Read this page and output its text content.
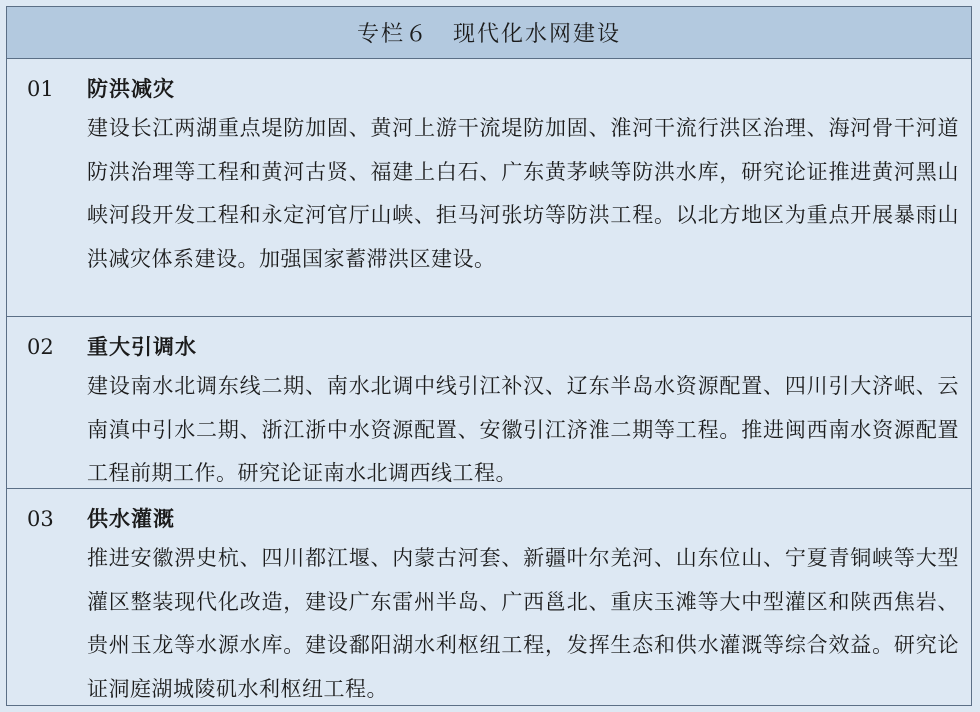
专栏６　现代化水网建设
01	防洪减灾

建设长江两湖重点堤防加固、黄河上游干流堤防加固、淮河干流行洪区治理、海河骨干河道防洪治理等工程和黄河古贤、福建上白石、广东黄茅峡等防洪水库，研究论证推进黄河黑山峡河段开发工程和永定河官厅山峡、拒马河张坊等防洪工程。以北方地区为重点开展暴雨山洪减灾体系建设。加强国家蓄滞洪区建设。

02	重大引调水

建设南水北调东线二期、南水北调中线引江补汉、辽东半岛水资源配置、四川引大济岷、云南滇中引水二期、浙江浙中水资源配置、安徽引江济淮二期等工程。推进闽西南水资源配置工程前期工作。研究论证南水北调西线工程。

03	供水灌溉

推进安徽淠史杭、四川都江堰、内蒙古河套、新疆叶尔羌河、山东位山、宁夏青铜峡等大型灌区整装现代化改造，建设广东雷州半岛、广西邕北、重庆玉滩等大中型灌区和陕西焦岩、贵州玉龙等水源水库。建设鄱阳湖水利枢纽工程，发挥生态和供水灌溉等综合效益。研究论证洞庭湖城陵矶水利枢纽工程。
